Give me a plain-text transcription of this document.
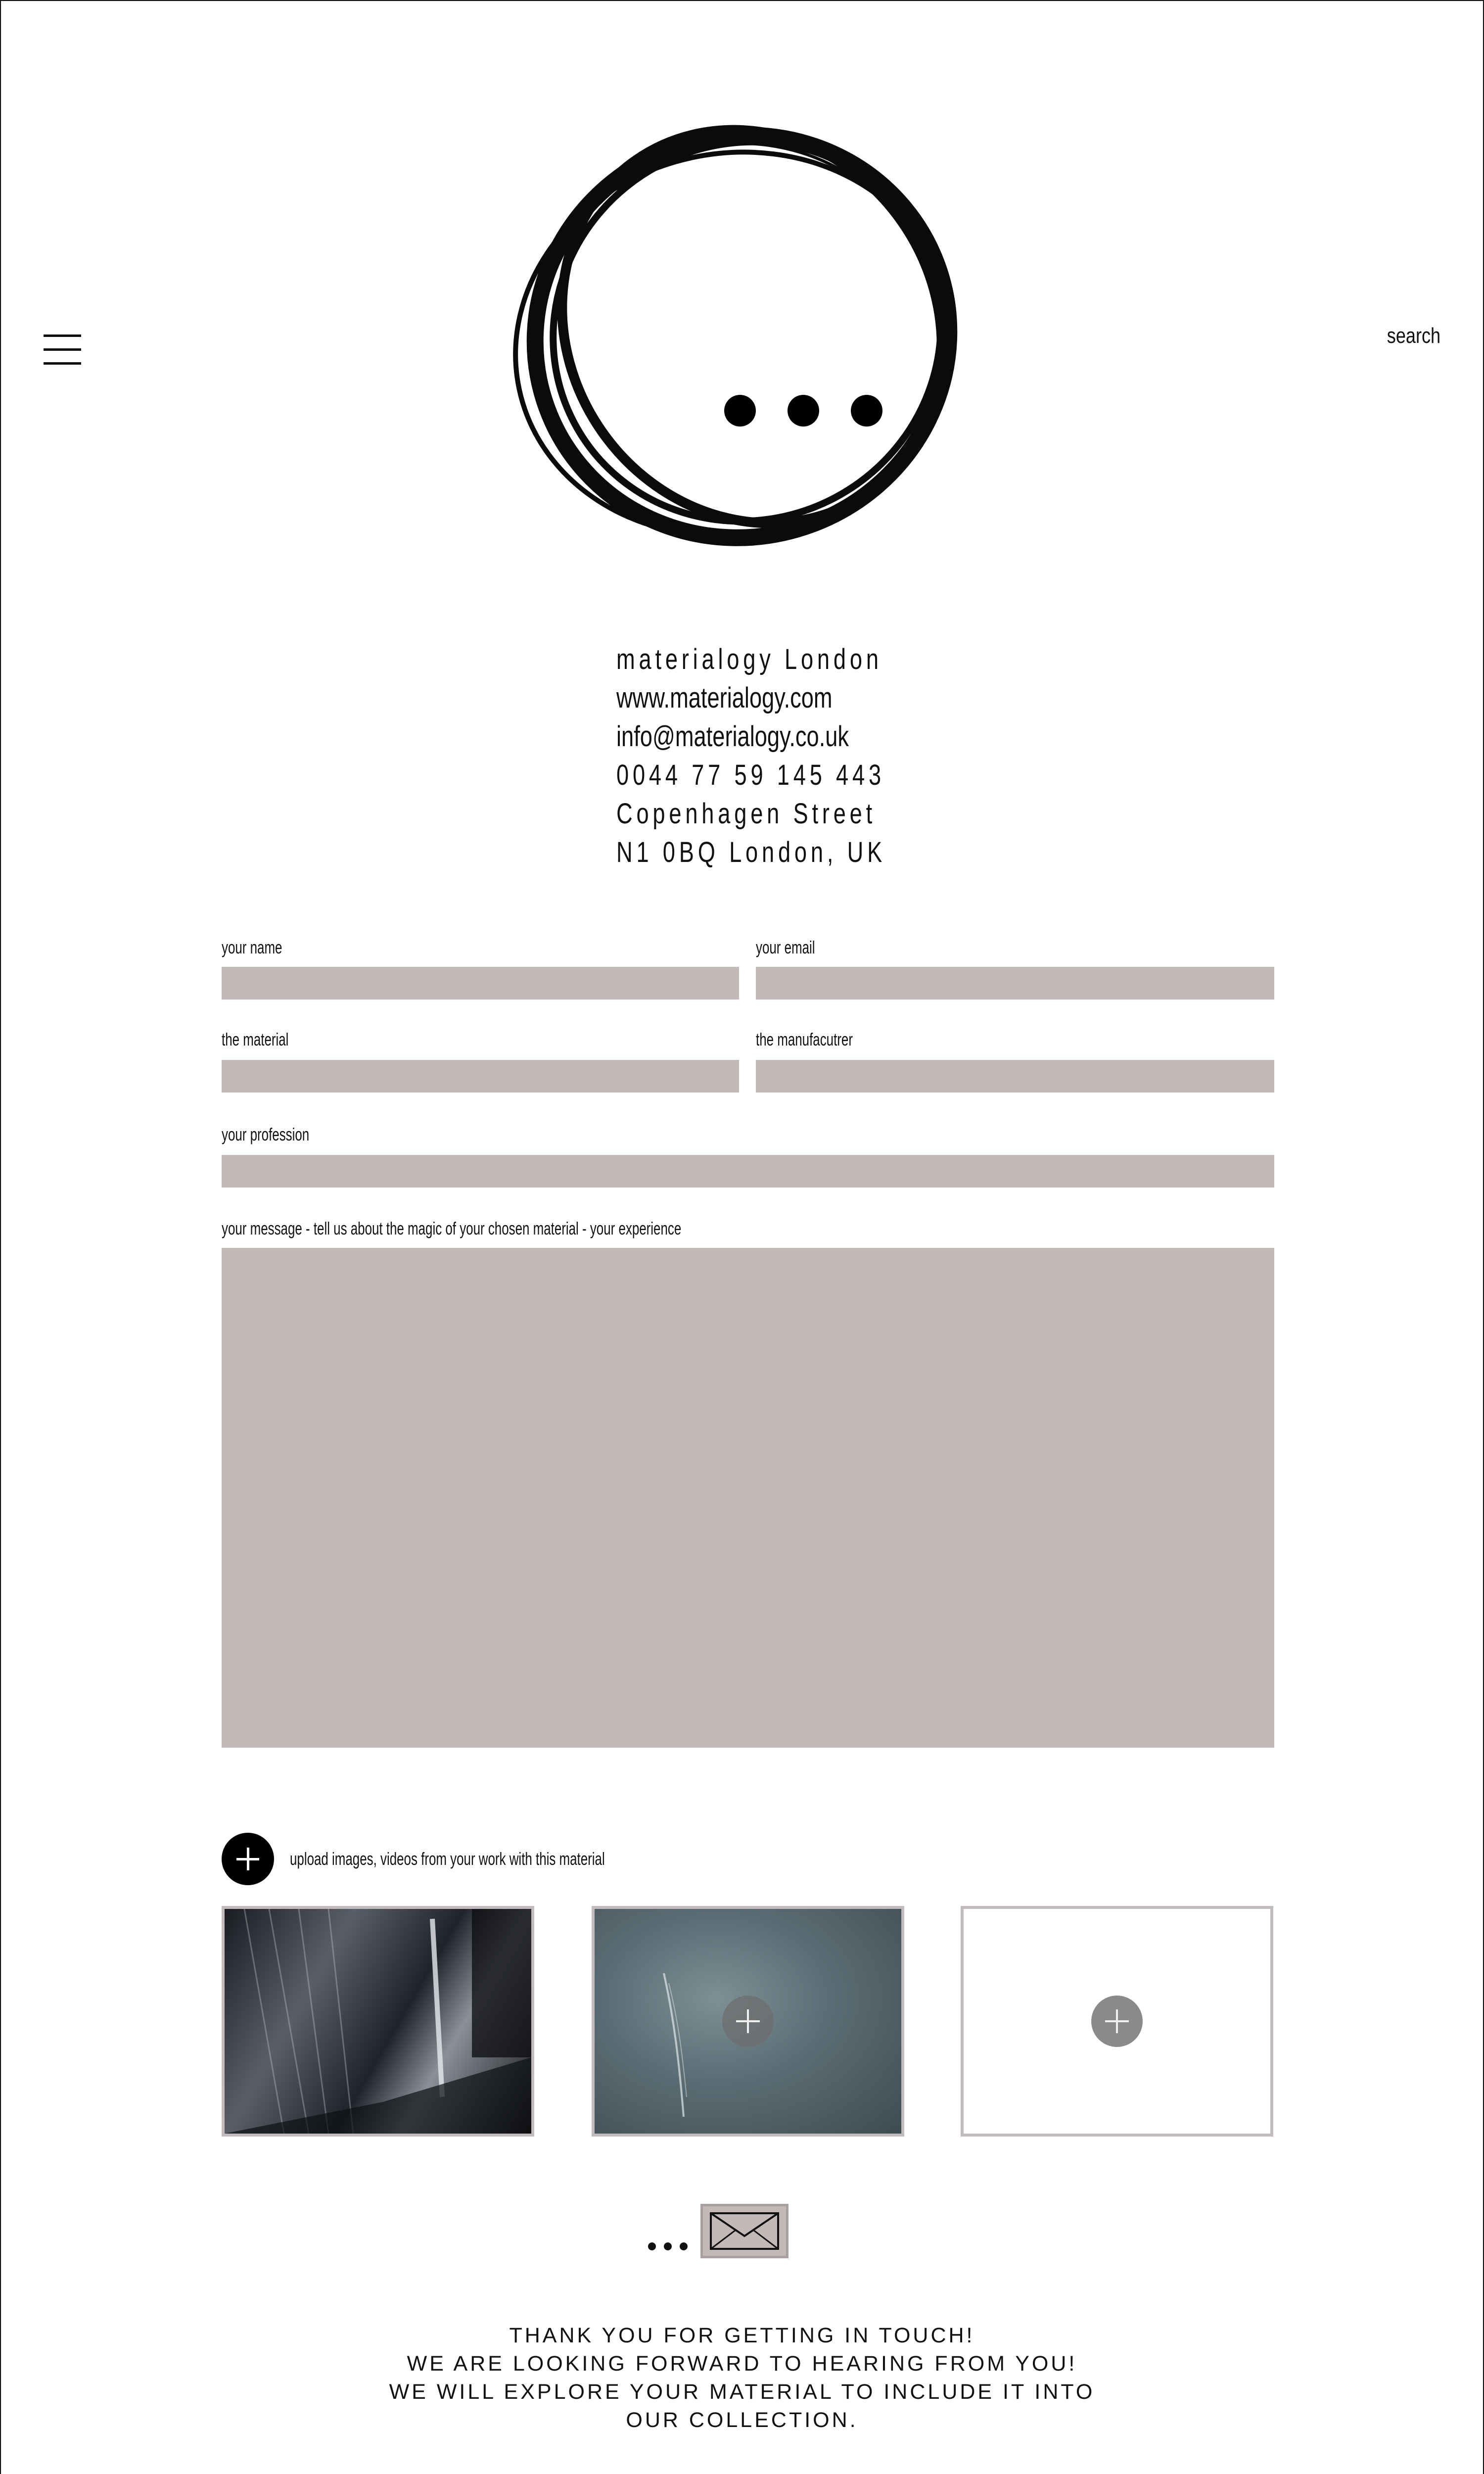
search
materialogy London
www.materialogy.com
info@materialogy.co.uk
0044 77 59 145 443
Copenhagen Street
N1 0BQ London, UK
your name	your email
the material	the manufacutrer
your profession
your message - tell us about the magic of your chosen material - your experience
upload images, videos from your work with this material
THANK YOU FOR GETTING IN TOUCH!
WE ARE LOOKING FORWARD TO HEARING FROM YOU!
WE WILL EXPLORE YOUR MATERIAL TO INCLUDE IT INTO
OUR COLLECTION.
